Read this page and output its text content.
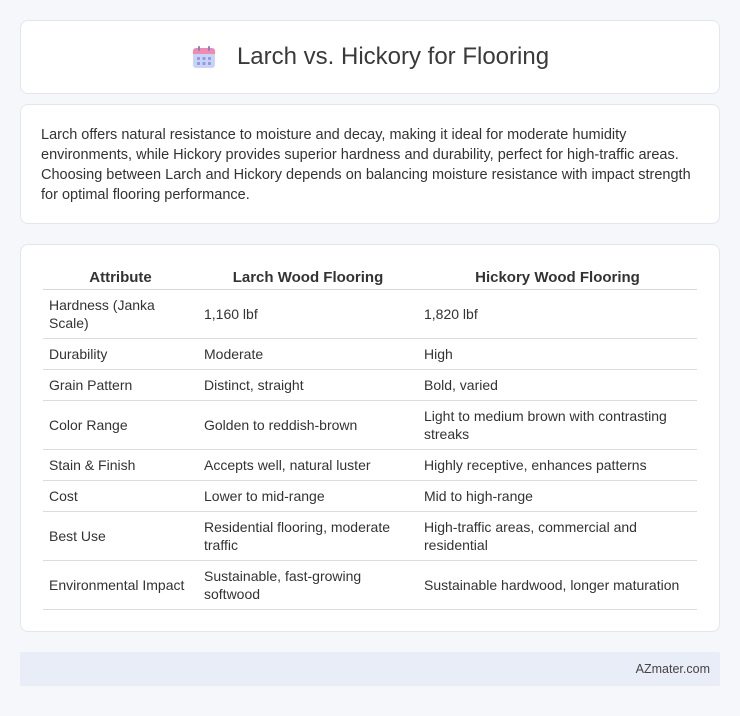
Larch vs. Hickory for Flooring

Larch offers natural resistance to moisture and decay, making it ideal for moderate humidity environments, while Hickory provides superior hardness and durability, perfect for high-traffic areas. Choosing between Larch and Hickory depends on balancing moisture resistance with impact strength for optimal flooring performance.

Attribute	Larch Wood Flooring	Hickory Wood Flooring
Hardness (Janka Scale)	1,160 lbf	1,820 lbf
Durability	Moderate	High
Grain Pattern	Distinct, straight	Bold, varied
Color Range	Golden to reddish-brown	Light to medium brown with contrasting streaks
Stain & Finish	Accepts well, natural luster	Highly receptive, enhances patterns
Cost	Lower to mid-range	Mid to high-range
Best Use	Residential flooring, moderate traffic	High-traffic areas, commercial and residential
Environmental Impact	Sustainable, fast-growing softwood	Sustainable hardwood, longer maturation
AZmater.com
